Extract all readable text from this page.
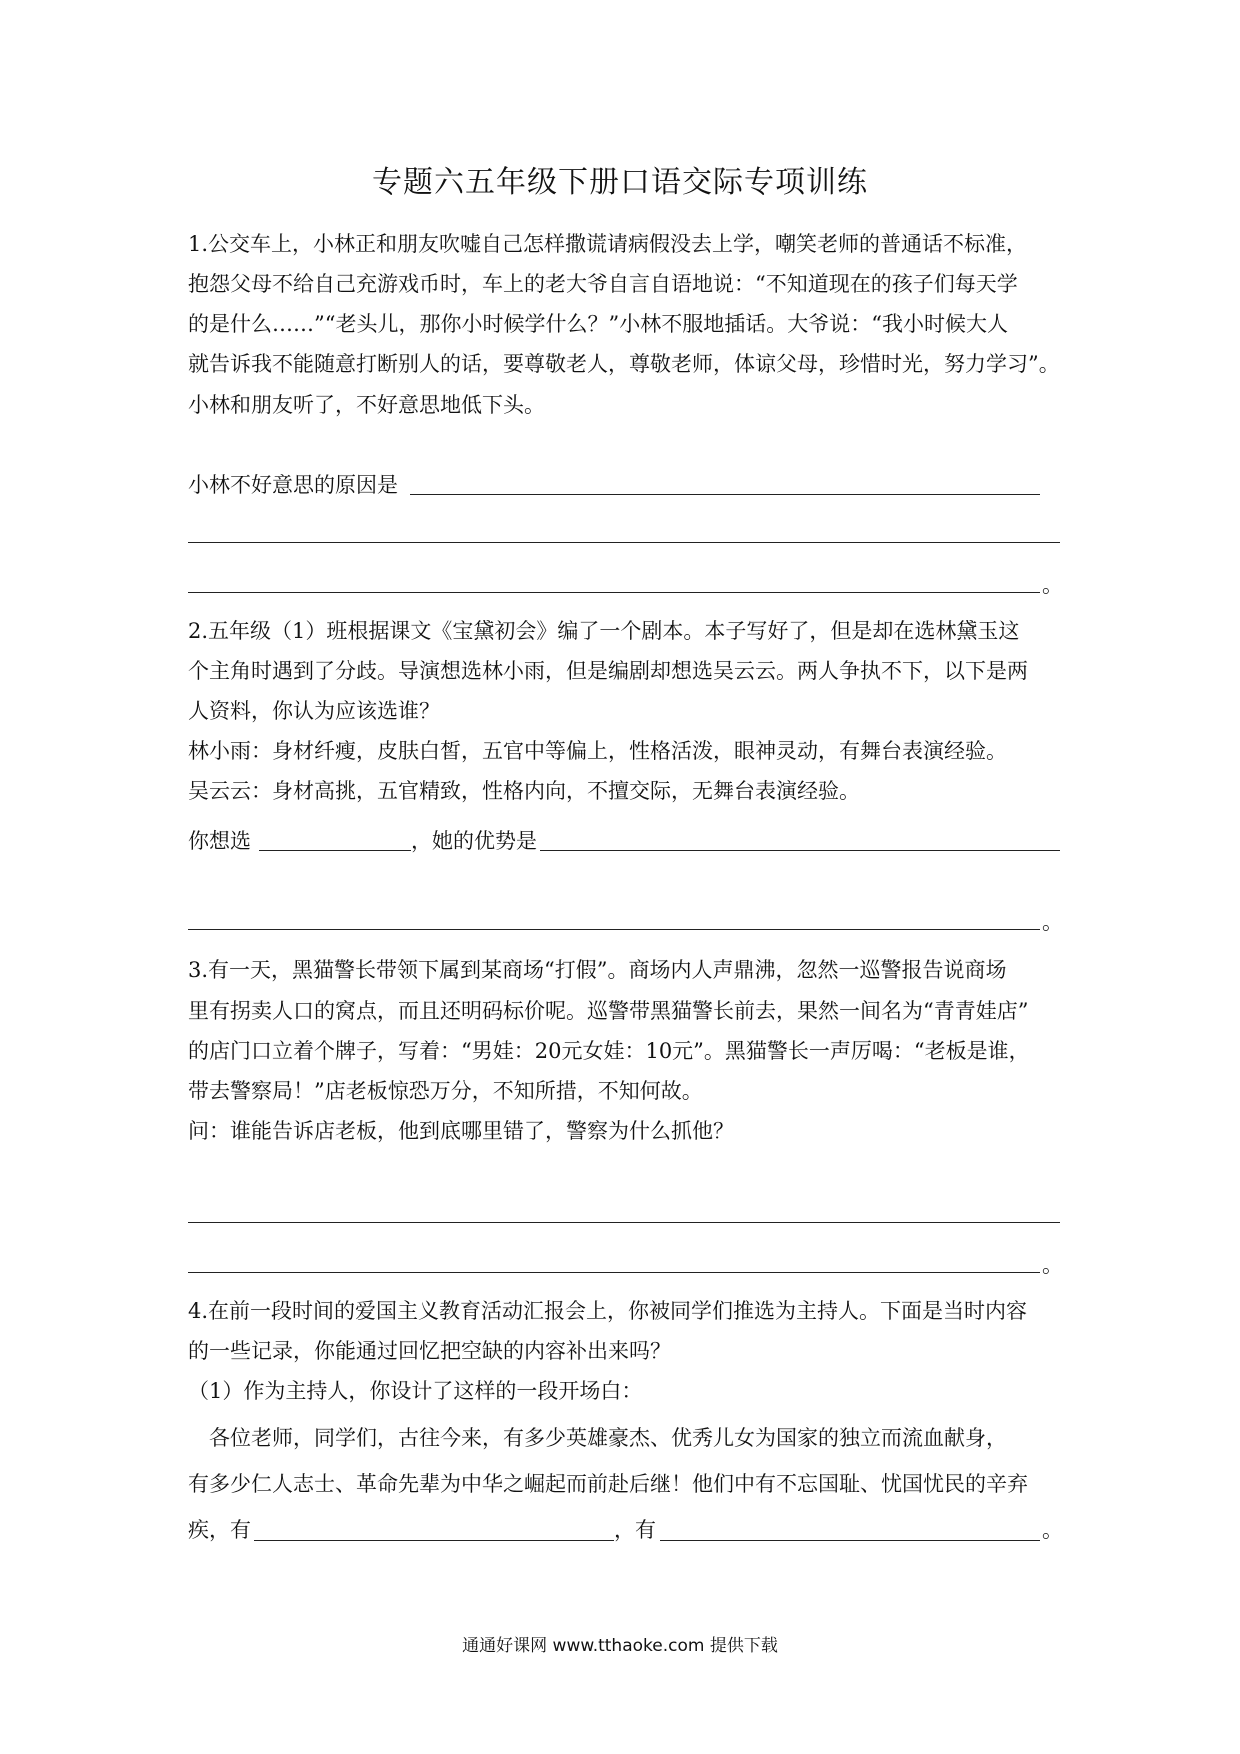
专题六五年级下册口语交际专项训练
1.公交车上，小林正和朋友吹嘘自己怎样撒谎请病假没去上学，嘲笑老师的普通话不标准，
抱怨父母不给自己充游戏币时，车上的老大爷自言自语地说：“不知道现在的孩子们每天学
的是什么……”“老头儿，那你小时候学什么？”小林不服地插话。大爷说：“我小时候大人
就告诉我不能随意打断别人的话，要尊敬老人，尊敬老师，体谅父母，珍惜时光，努力学习”。
小林和朋友听了，不好意思地低下头。
小林不好意思的原因是
。
2.五年级（1）班根据课文《宝黛初会》编了一个剧本。本子写好了，但是却在选林黛玉这
个主角时遇到了分歧。导演想选林小雨，但是编剧却想选吴云云。两人争执不下，以下是两
人资料，你认为应该选谁？
林小雨：身材纤瘦，皮肤白皙，五官中等偏上，性格活泼，眼神灵动，有舞台表演经验。
吴云云：身材高挑，五官精致，性格内向，不擅交际，无舞台表演经验。
你想选	，她的优势是
。
3.有一天，黑猫警长带领下属到某商场“打假”。商场内人声鼎沸，忽然一巡警报告说商场
里有拐卖人口的窝点，而且还明码标价呢。巡警带黑猫警长前去，果然一间名为“青青娃店”
的店门口立着个牌子，写着：“男娃：20元女娃：10元”。黑猫警长一声厉喝：“老板是谁，
带去警察局！”店老板惊恐万分，不知所措，不知何故。
问：谁能告诉店老板，他到底哪里错了，警察为什么抓他？
。
4.在前一段时间的爱国主义教育活动汇报会上，你被同学们推选为主持人。下面是当时内容
的一些记录，你能通过回忆把空缺的内容补出来吗？
（1）作为主持人，你设计了这样的一段开场白：
　各位老师，同学们，古往今来，有多少英雄豪杰、优秀儿女为国家的独立而流血献身，
有多少仁人志士、革命先辈为中华之崛起而前赴后继！他们中有不忘国耻、忧国忧民的辛弃
疾，有	，有	。
通通好课网 www.tthaoke.com 提供下载
